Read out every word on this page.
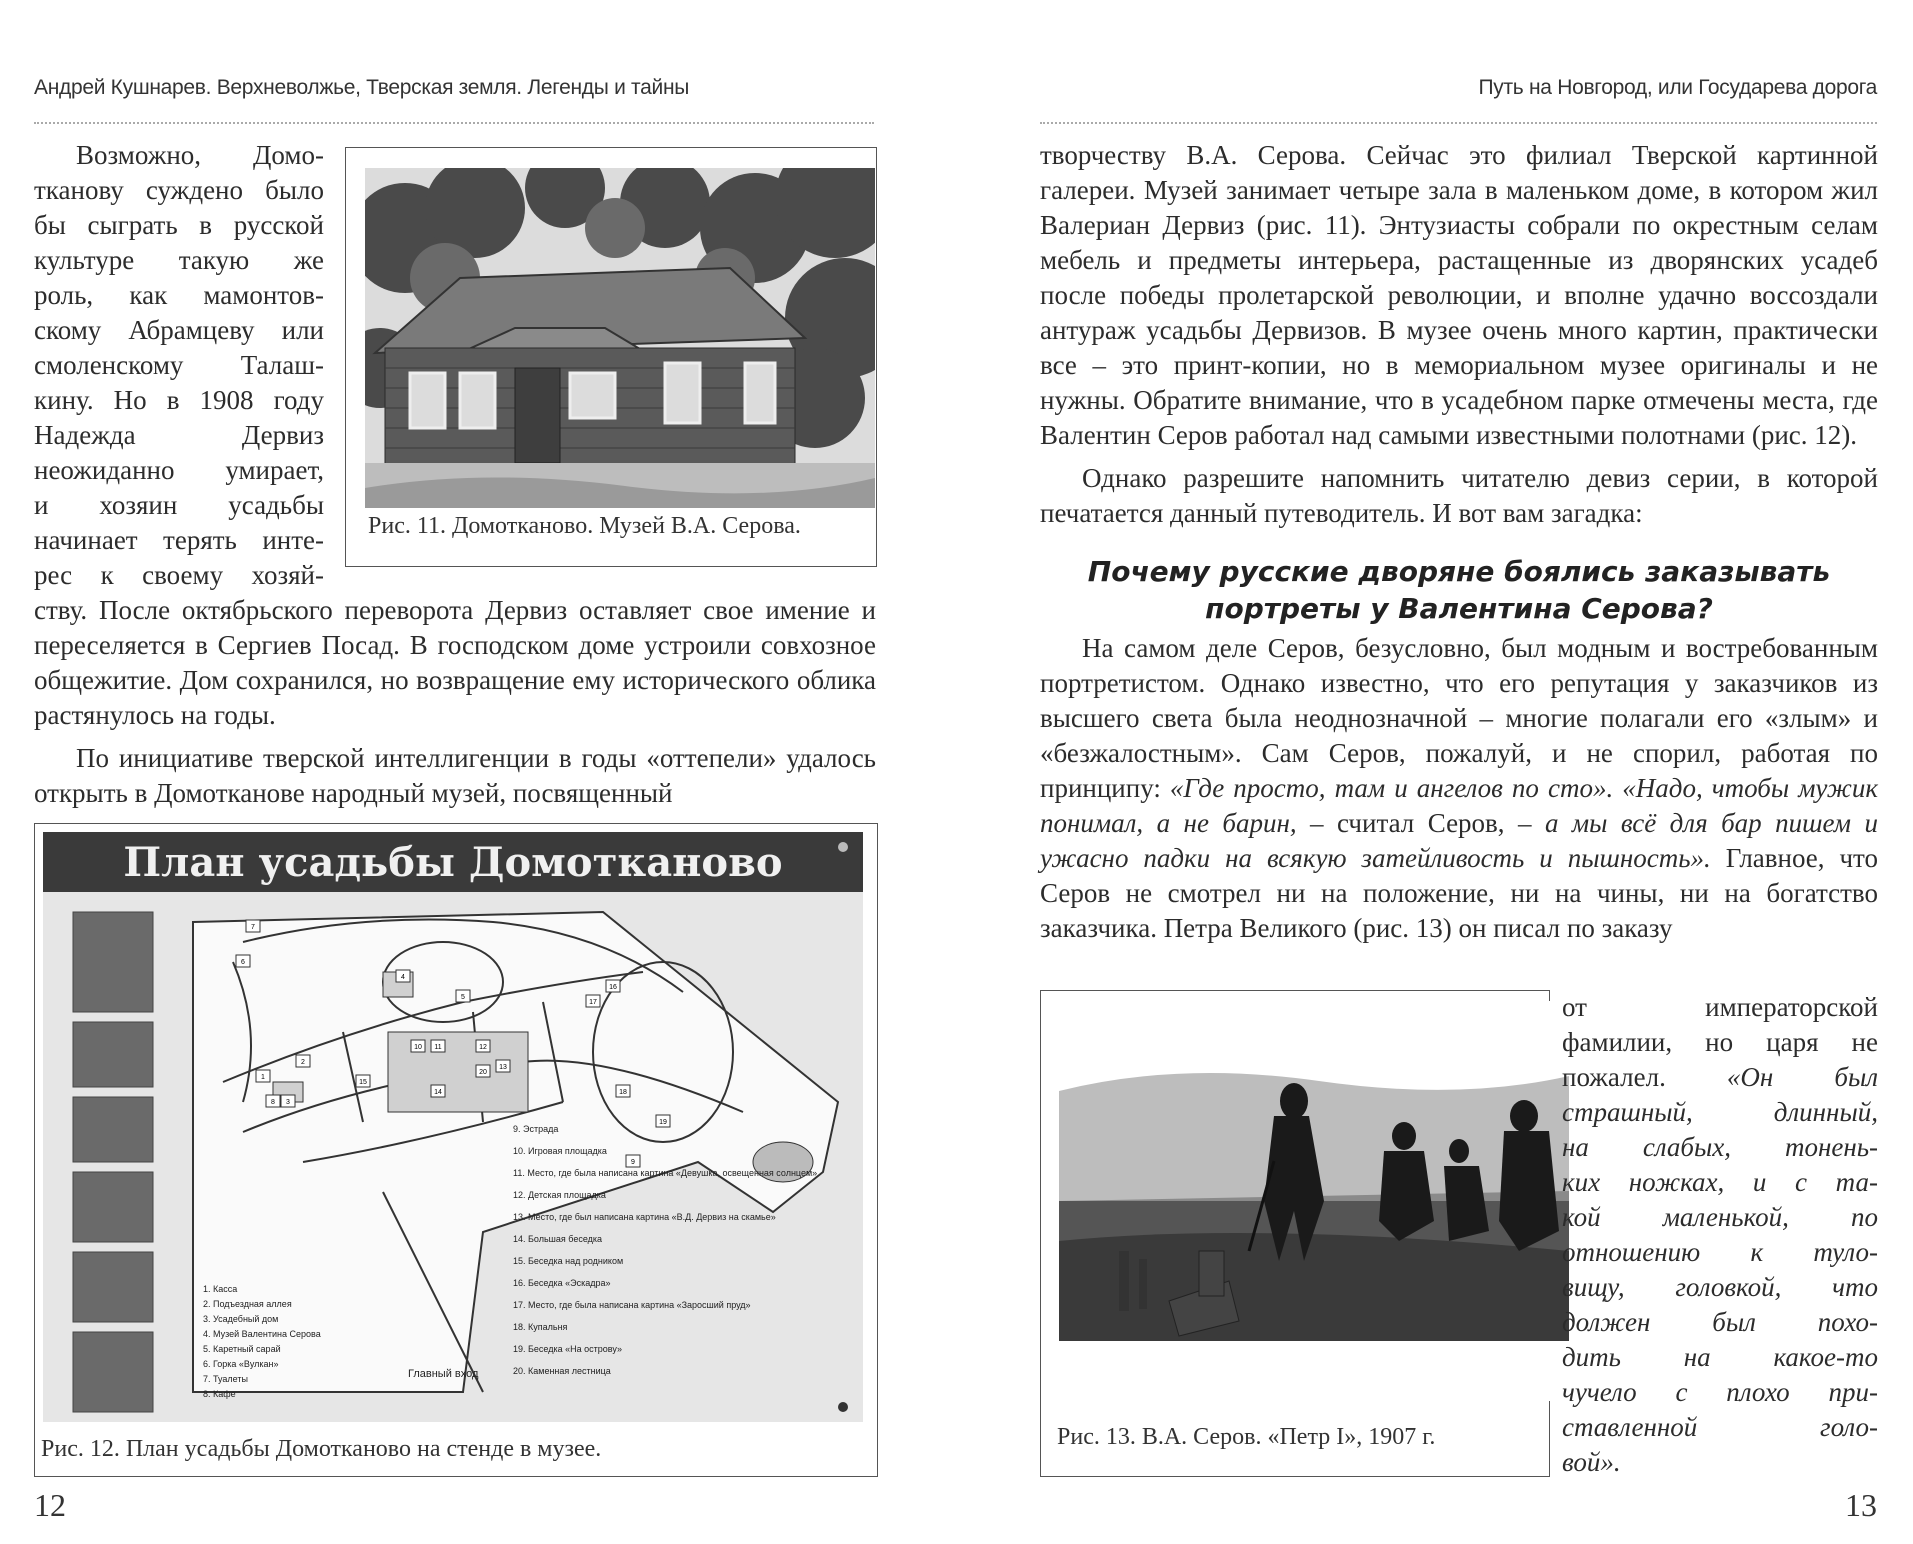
Андрей Кушнарев. Верхневолжье, Тверская земля. Легенды и тайны
Возможно, Домо-
тканову суждено было
бы сыграть в русской
культуре такую же
роль, как мамонтов-
скому Абрамцеву или
смоленскому Талаш-
кину. Но в 1908 году
Надежда Дервиз
неожиданно умирает,
и хозяин усадьбы
начинает терять инте-
рес к своему хозяй-
Рис. 11. Домотканово. Музей В.А. Серова.

ству. После октябрьского переворота Дервиз оставляет свое имение и переселяется в Сергиев Посад. В господском доме устроили совхозное общежитие. Дом сохранился, но возвращение ему исторического облика растянулось на годы.

По инициативе тверской интеллигенции в годы «оттепели» удалось открыть в Домотканове народный музей, посвященный

План усадьбы Домотканово
1. Касса
2. Подъездная аллея
3. Усадебный дом
4. Музей Валентина Серова
5. Каретный сарай
6. Горка «Вулкан»
7. Туалеты
8. Кафе
9. Эстрада
10. Игровая площадка
11. Место, где была написана картина «Девушка, освещенная солнцем»
12. Детская площадка
13. Место, где был написана картина «В.Д. Дервиз на скамье»
14. Большая беседка
15. Беседка над родником
16. Беседка «Эскадра»
17. Место, где была написана картина «Заросший пруд»
18. Купальня
19. Беседка «На острову»
20. Каменная лестница
Главный вход
1
2
3
4
5
6
7
8
9
10 11	12
13
14
15
16
17
18
19
20
Рис. 12. План усадьбы Домотканово на стенде в музее.
12
Путь на Новгород, или Государева дорога

творчеству В.А. Серова. Сейчас это филиал Тверской картинной галереи. Музей занимает четыре зала в маленьком доме, в котором жил Валериан Дервиз (рис. 11). Энтузиасты собрали по окрестным селам мебель и предметы интерьера, растащенные из дворянских усадеб после победы пролетарской революции, и вполне удачно воссоздали антураж усадьбы Дервизов. В музее очень много картин, практически все – это принт-копии, но в мемориальном музее оригиналы и не нужны. Обратите внимание, что в усадебном парке отмечены места, где Валентин Серов работал над самыми известными полотнами (рис. 12).

Однако разрешите напомнить читателю девиз серии, в которой печатается данный путеводитель. И вот вам загадка:

Почему русские дворяне боялись заказывать портреты у Валентина Серова?

На самом деле Серов, безусловно, был модным и востребованным портретистом. Однако известно, что его репутация у заказчиков из высшего света была неоднозначной – многие полагали его «злым» и «безжалостным». Сам Серов, пожалуй, и не спорил, работая по принципу: «Где просто, там и ангелов по сто». «Надо, чтобы мужик понимал, а не барин, – считал Серов, – а мы всё для бар пишем и ужасно падки на всякую затейливость и пышность». Главное, что Серов не смотрел ни на положение, ни на чины, ни на богатство заказчика. Петра Великого (рис. 13) он писал по заказу

Рис. 13. В.А. Серов. «Петр I», 1907 г.
от императорской
фамилии, но царя не
пожалел. «Он был
страшный, длинный,
на слабых, тонень-
ких ножках, и с та-
кой маленькой, по
отношению к туло-
вищу, головкой, что
должен был похо-
дить на какое-то
чучело с плохо при-
ставленной голо-
вой».
13
